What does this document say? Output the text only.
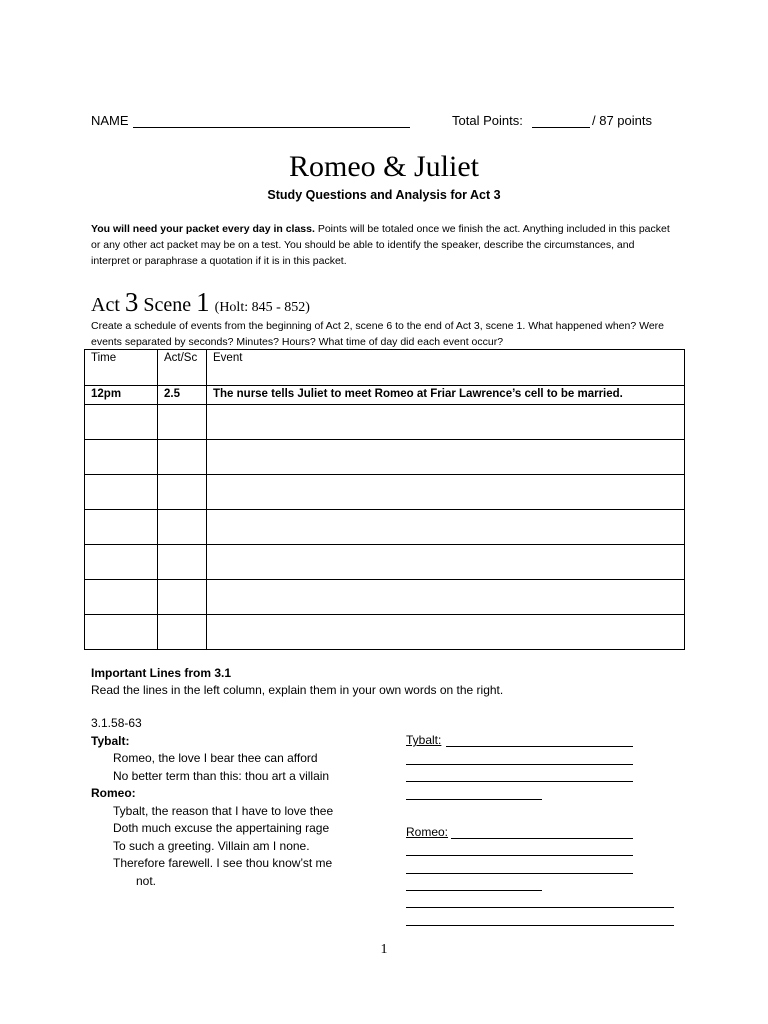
NAME	Total Points:	/ 87 points
Romeo & Juliet
Study Questions and Analysis for Act 3
You will need your packet every day in class. Points will be totaled once we finish the act. Anything included in this packet or any other act packet may be on a test. You should be able to identify the speaker, describe the circumstances, and interpret or paraphrase a quotation if it is in this packet.
Act 3 Scene 1 (Holt: 845 - 852)
Create a schedule of events from the beginning of Act 2, scene 6 to the end of Act 3, scene 1. What happened when? Were events separated by seconds? Minutes? Hours? What time of day did each event occur?
Time	Act/Sc	Event
12pm	2.5	The nurse tells Juliet to meet Romeo at Friar Lawrence’s cell to be married.

Important Lines from 3.1
Read the lines in the left column, explain them in your own words on the right.
3.1.58-63
Tybalt:
Romeo, the love I bear thee can afford
No better term than this: thou art a villain
Romeo:
Tybalt, the reason that I have to love thee
Doth much excuse the appertaining rage
To such a greeting. Villain am I none.
Therefore farewell. I see thou know’st me
not.
Tybalt:
Romeo:
1
